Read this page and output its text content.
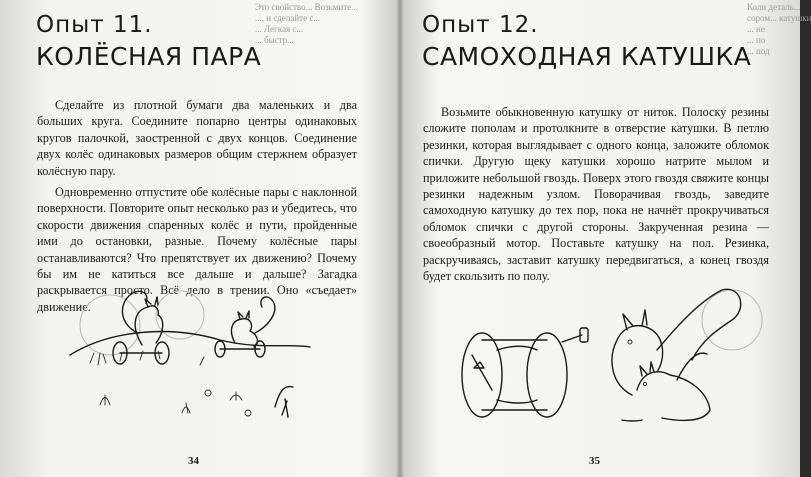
Это свойство... Возьмите...
..., и сделайте с...
... Легкая с...
... быстр...
Опыт 11.
КОЛЁСНАЯ ПАРА

Сделайте из плотной бумаги два маленьких и два больших круга. Соедините попарно центры одинаковых кругов палочкой, заостренной с двух концов. Соединение двух колёс одинаковых размеров общим стержнем образует колёсную пару.

Одновременно отпустите обе колёсные пары с наклонной поверхности. Повторите опыт несколько раз и убедитесь, что скорости движения спаренных колёс и пути, пройденные ими до остановки, разные. Почему колёсные пары останавливаются? Что препятствует их движению? Почему бы им не катиться все дальше и дальше? Загадка раскрывается просто. Всё дело в трении. Оно «съедает» движение.

34
Коли деталь...
сором... катушки
... не
... по
... под
Опыт 12.
САМОХОДНАЯ КАТУШКА

Возьмите обыкновенную катушку от ниток. Полоску резины сложите пополам и протолкните в отверстие катушки. В петлю резинки, которая выглядывает с одного конца, заложите обломок спички. Другую щеку катушки хорошо натрите мылом и приложите небольшой гвоздь. Поверх этого гвоздя свяжите концы резинки надежным узлом. Поворачивая гвоздь, заведите самоходную катушку до тех пор, пока не начнёт прокручиваться обломок спички с другой стороны. Закрученная резина — своеобразный мотор. Поставьте катушку на пол. Резинка, раскручиваясь, заставит катушку передвигаться, а конец гвоздя будет скользить по полу.

35
